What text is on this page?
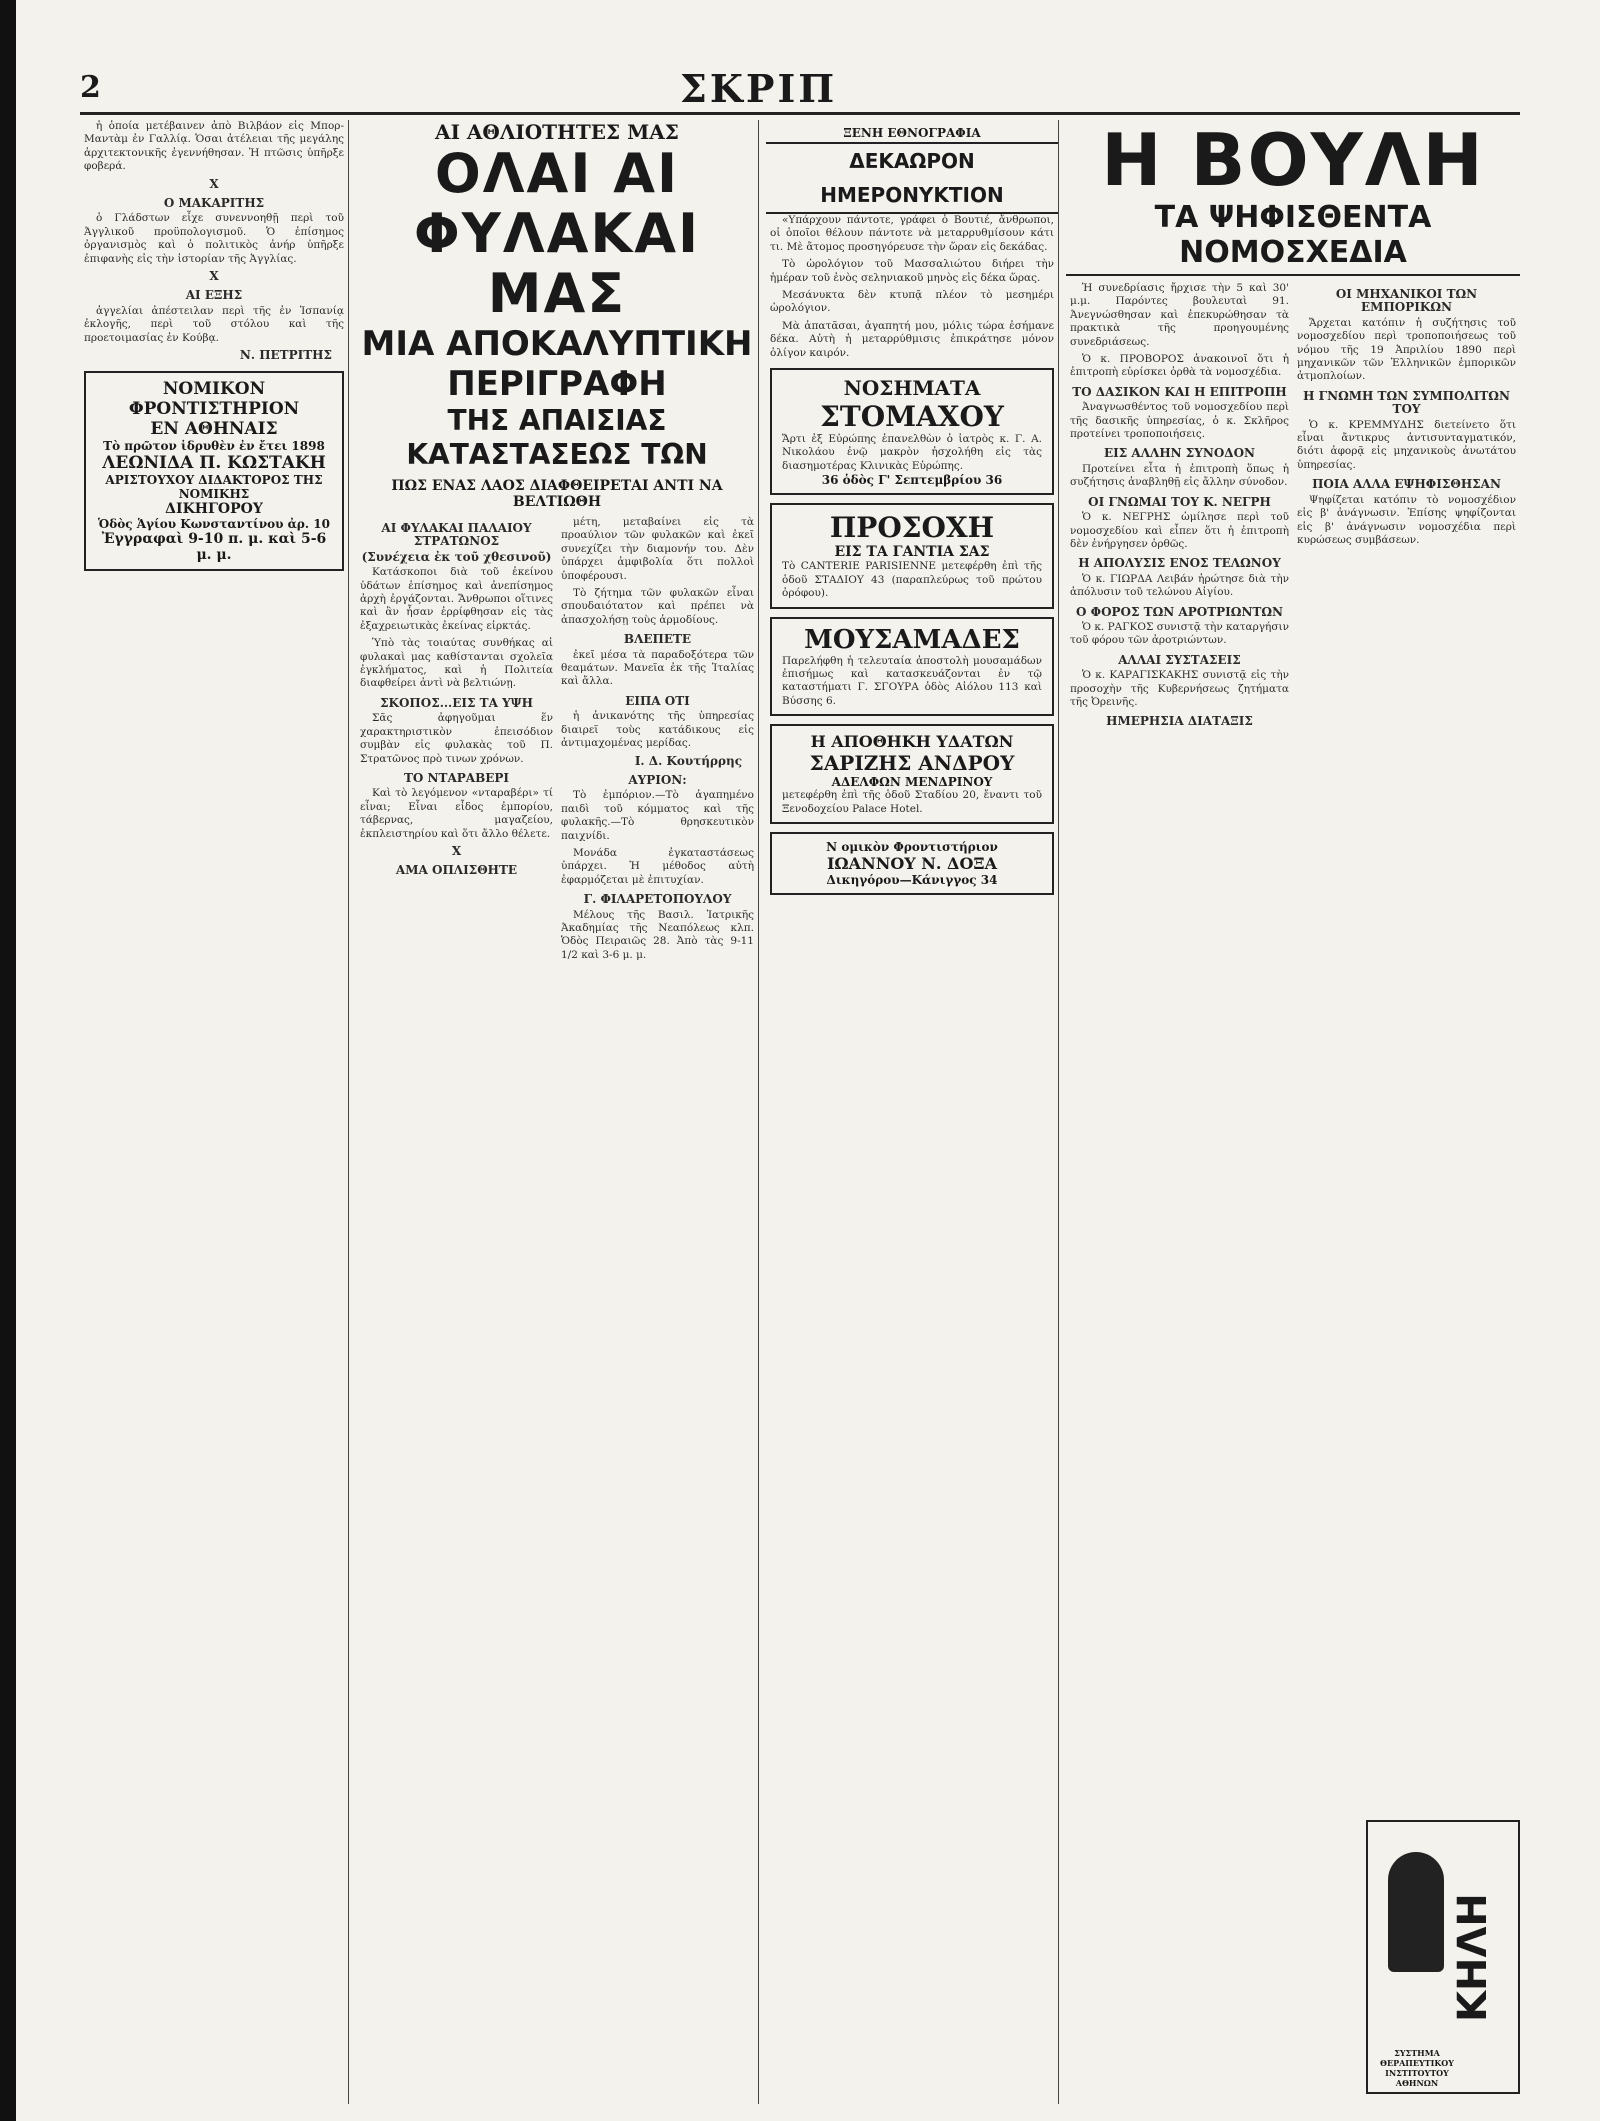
2	ΣΚΡΙΠ

ἡ ὁποία μετέβαινεν ἀπὸ Βιλβάον εἰς Μπορ-Μαντὰμ ἐν Γαλλίᾳ. Ὁσαι ἀτέλειαι τῆς μεγάλης ἀρχιτεκτονικῆς ἐγεννήθησαν. Ἡ πτῶσις ὑπῆρξε φοβερά.

X
Ο ΜΑΚΑΡΙΤΗΣ

ὁ Γλάδστων εἶχε συνεννοηθῇ περὶ τοῦ Ἀγγλικοῦ προϋπολογισμοῦ. Ὁ ἐπίσημος ὀργανισμὸς καὶ ὁ πολιτικὸς ἀνήρ ὑπῆρξε ἐπιφανὴς εἰς τὴν ἱστορίαν τῆς Ἀγγλίας.

X
ΑΙ ΕΞΗΣ

ἀγγελίαι ἀπέστειλαν περὶ τῆς ἐν Ἱσπανίᾳ ἐκλογῆς, περὶ τοῦ στόλου καὶ τῆς προετοιμασίας ἐν Κούβᾳ.

Ν. ΠΕΤΡΙΤΗΣ
ΝΟΜΙΚΟΝ ΦΡΟΝΤΙΣΤΗΡΙΟΝ
ΕΝ ΑΘΗΝΑΙΣ
Τὸ πρῶτον ἱδρυθὲν ἐν ἔτει 1898
ΛΕΩΝΙΔΑ Π. ΚΩΣΤΑΚΗ
ΑΡΙΣΤΟΥΧΟΥ ΔΙΔΑΚΤΟΡΟΣ ΤΗΣ ΝΟΜΙΚΗΣ
ΔΙΚΗΓΟΡΟΥ
Ὁδὸς Ἁγίου Κωνσταντίνου ἀρ. 10
Ἐγγραφαὶ 9-10 π. μ. καὶ 5-6 μ. μ.
ΑΙ ΑΘΛΙΟΤΗΤΕΣ ΜΑΣ
ΟΛΑΙ ΑΙ ΦΥΛΑΚΑΙ ΜΑΣ
ΜΙΑ ΑΠΟΚΑΛΥΠΤΙΚΗ ΠΕΡΙΓΡΑΦΗ
ΤΗΣ ΑΠΑΙΣΙΑΣ ΚΑΤΑΣΤΑΣΕΩΣ ΤΩΝ
ΠΩΣ ΕΝΑΣ ΛΑΟΣ ΔΙΑΦΘΕΙΡΕΤΑΙ ΑΝΤΙ ΝΑ ΒΕΛΤΙΩΘΗ
ΑΙ ΦΥΛΑΚΑΙ ΠΑΛΑΙΟΥ ΣΤΡΑΤΩΝΟΣ
(Συνέχεια ἐκ τοῦ χθεσινοῦ)

Κατάσκοποι διὰ τοῦ ἐκείνου ὑδάτων ἐπίσημος καὶ ἀνεπίσημος ἀρχὴ ἐργάζονται. Ἄνθρωποι οἵτινες καὶ ἂν ἦσαν ἐρρίφθησαν εἰς τὰς ἐξαχρειωτικὰς ἐκείνας εἱρκτάς.

Ὑπὸ τὰς τοιαύτας συνθήκας αἱ φυλακαὶ μας καθίστανται σχολεῖα ἐγκλήματος, καὶ ἡ Πολιτεία διαφθείρει ἀντὶ νὰ βελτιώνῃ.

ΣΚΟΠΟΣ...ΕΙΣ ΤΑ ΥΨΗ

Σᾶς ἀφηγοῦμαι ἕν χαρακτηριστικὸν ἐπεισόδιον συμβὰν εἰς φυλακὰς τοῦ Π. Στρατῶνος πρὸ τινων χρόνων.

ΤΟ ΝΤΑΡΑΒΕΡΙ

Καὶ τὸ λεγόμενον «νταραβέρι» τί εἶναι; Εἶναι εἶδος ἐμπορίου, τάβερνας, μαγαζείου, ἐκπλειστηρίου καὶ ὅτι ἄλλο θέλετε.

X
ΑΜΑ ΟΠΛΙΣΘΗΤΕ

μέτη, μεταβαίνει εἰς τὰ προαύλιον τῶν φυλακῶν καὶ ἐκεῖ συνεχίζει τὴν διαμονήν του. Δὲν ὑπάρχει ἀμφιβολία ὅτι πολλοὶ ὑποφέρουσι.

Τὸ ζήτημα τῶν φυλακῶν εἶναι σπουδαιότατον καὶ πρέπει νὰ ἀπασχολήσῃ τοὺς ἀρμοδίους.

ΒΛΕΠΕΤΕ

ἐκεῖ μέσα τὰ παραδοξότερα τῶν θεαμάτων. Μανεῖα ἐκ τῆς Ἰταλίας καὶ ἄλλα.

ΕΙΠΑ ΟΤΙ

ἡ ἀνικανότης τῆς ὑπηρεσίας διαιρεῖ τοὺς κατάδικους εἰς ἀντιμαχομένας μερίδας.

Ι. Δ. Κουτήρρης
ΑΥΡΙΟΝ:

Τὸ ἐμπόριον.—Τὸ ἀγαπημένο παιδὶ τοῦ κόμματος καὶ τῆς φυλακῆς.—Τὸ θρησκευτικὸν παιχνίδι.

Μονάδα ἐγκαταστάσεως ὑπάρχει. Ἡ μέθοδος αὐτὴ ἐφαρμόζεται μὲ ἐπιτυχίαν.

Γ. ΦΙΛΑΡΕΤΟΠΟΥΛΟΥ

Μέλους τῆς Βασιλ. Ἰατρικῆς Ἀκαδημίας τῆς Νεαπόλεως κλπ. Ὁδὸς Πειραιῶς 28. Ἀπὸ τὰς 9-11 1/2 καὶ 3-6 μ. μ.

ΞΕΝΗ ΕΘΝΟΓΡΑΦΙΑ
ΔΕΚΑΩΡΟΝ ΗΜΕΡΟΝΥΚΤΙΟΝ

«Υπάρχουν πάντοτε, γράφει ὁ Βουτιέ, ἄνθρωποι, οἱ ὁποῖοι θέλουν πάντοτε νὰ μεταρρυθμίσουν κάτι τι. Μὲ ἄτομος προσηγόρευσε τὴν ὥραν εἰς δεκάδας.

Τὸ ὡρολόγιον τοῦ Μασσαλιώτου διήρει τὴν ἡμέραν τοῦ ἐνὸς σεληνιακοῦ μηνὸς εἰς δέκα ὥρας.

Μεσάνυκτα δὲν κτυπᾷ πλέον τὸ μεσημέρι ὡρολόγιον.

Μὰ ἀπατᾶσαι, ἀγαπητή μου, μόλις τώρα ἐσήμανε δέκα. Αὐτὴ ἡ μεταρρύθμισις ἐπικράτησε μόνον ὀλίγον καιρόν.

ΝΟΣΗΜΑΤΑ
ΣΤΟΜΑΧΟΥ
Ἄρτι ἐξ Εὐρώπης ἐπανελθὼν ὁ ἰατρὸς κ. Γ. Α. Νικολάου ἐνῷ μακρὸν ἠσχολήθη εἰς τὰς διασημοτέρας Κλινικὰς Εὐρώπης.
36 ὁδὸς Γ' Σεπτεμβρίου 36
ΠΡΟΣΟΧΗ
ΕΙΣ ΤΑ ΓΑΝΤΙΑ ΣΑΣ
Τὸ CANTERIE PARISIENNE μετεφέρθη ἐπὶ τῆς ὁδοῦ ΣΤΑΔΙΟΥ 43 (παραπλεύρως τοῦ πρώτου ὀρόφου).
ΜΟΥΣΑΜΑΔΕΣ
Παρελήφθη ἡ τελευταία ἀποστολὴ μουσαμάδων ἐπισήμως καὶ κατασκευάζονται ἐν τῷ καταστήματι Γ. ΣΓΟΥΡΑ ὁδὸς Αἰόλου 113 καὶ Βύσσης 6.
Η ΑΠΟΘΗΚΗ ΥΔΑΤΩΝ
ΣΑΡΙΖΗΣ ΑΝΔΡΟΥ
ΑΔΕΛΦΩΝ ΜΕΝΔΡΙΝΟΥ
μετεφέρθη ἐπὶ τῆς ὁδοῦ Σταδίου 20, ἔναντι τοῦ Ξενοδοχείου Palace Hotel.
Ν ομικὸν Φροντιστήριον
ΙΩΑΝΝΟΥ Ν. ΔΟΞΑ
Δικηγόρου—Κάνιγγος 34
Η ΒΟΥΛΗ
ΤΑ ΨΗΦΙΣΘΕΝΤΑ ΝΟΜΟΣΧΕΔΙΑ

Ἡ συνεδρίασις ἤρχισε τὴν 5 καὶ 30' μ.μ. Παρόντες βουλευταὶ 91. Ἀνεγνώσθησαν καὶ ἐπεκυρώθησαν τὰ πρακτικὰ τῆς προηγουμένης συνεδριάσεως.

Ὁ κ. ΠΡΟΒΟΡΟΣ ἀνακοινοῖ ὅτι ἡ ἐπιτροπὴ εὑρίσκει ὀρθὰ τὰ νομοσχέδια.

ΤΟ ΔΑΣΙΚΟΝ ΚΑΙ Η ΕΠΙΤΡΟΠΗ

Ἀναγνωσθέντος τοῦ νομοσχεδίου περὶ τῆς δασικῆς ὑπηρεσίας, ὁ κ. Σκλῆρος προτείνει τροποποιήσεις.

ΕΙΣ ΑΛΛΗΝ ΣΥΝΟΔΟΝ

Προτείνει εἶτα ἡ ἐπιτροπὴ ὅπως ἡ συζήτησις ἀναβληθῇ εἰς ἄλλην σύνοδον.

ΟΙ ΓΝΩΜΑΙ ΤΟΥ Κ. ΝΕΓΡΗ

Ὁ κ. ΝΕΓΡΗΣ ὡμίλησε περὶ τοῦ νομοσχεδίου καὶ εἶπεν ὅτι ἡ ἐπιτροπὴ δὲν ἐνήργησεν ὀρθῶς.

Η ΑΠΟΛΥΣΙΣ ΕΝΟΣ ΤΕΛΩΝΟΥ

Ὁ κ. ΓΙΩΡΔΑ Λειβάν ἠρώτησε διὰ τὴν ἀπόλυσιν τοῦ τελώνου Αἰγίου.

Ο ΦΟΡΟΣ ΤΩΝ ΑΡΟΤΡΙΩΝΤΩΝ

Ὁ κ. ΡΑΓΚΟΣ συνιστᾷ τὴν καταργήσιν τοῦ φόρου τῶν ἀροτριώντων.

ΑΛΛΑΙ ΣΥΣΤΑΣΕΙΣ

Ὁ κ. ΚΑΡΑΓΙΣΚΑΚΗΣ συνιστᾷ εἰς τὴν προσοχὴν τῆς Κυβερνήσεως ζητήματα τῆς Ὀρεινῆς.

ΗΜΕΡΗΣΙΑ ΔΙΑΤΑΞΙΣ
ΟΙ ΜΗΧΑΝΙΚΟΙ ΤΩΝ ΕΜΠΟΡΙΚΩΝ

Ἄρχεται κατόπιν ἡ συζήτησις τοῦ νομοσχεδίου περὶ τροποποιήσεως τοῦ νόμου τῆς 19 Ἀπριλίου 1890 περὶ μηχανικῶν τῶν Ἑλληνικῶν ἐμπορικῶν ἀτμοπλοίων.

Η ΓΝΩΜΗ ΤΩΝ ΣΥΜΠΟΛΙΤΩΝ ΤΟΥ

Ὁ κ. ΚΡΕΜΜΥΔΗΣ διετείνετο ὅτι εἶναι ἄντικρυς ἀντισυνταγματικόν, διότι ἀφορᾷ εἰς μηχανικοὺς ἀνωτάτου ὑπηρεσίας.

ΠΟΙΑ ΑΛΛΑ ΕΨΗΦΙΣΘΗΣΑΝ

Ψηφίζεται κατόπιν τὸ νομοσχέδιον εἰς β' ἀνάγνωσιν. Ἐπίσης ψηφίζονται εἰς β' ἀνάγνωσιν νομοσχέδια περὶ κυρώσεως συμβάσεων.

ΚΗΛΗ
ΣΥΣΤΗΜΑ ΘΕΡΑΠΕΥΤΙΚΟΥ ΙΝΣΤΙΤΟΥΤΟΥ ΑΘΗΝΩΝ
